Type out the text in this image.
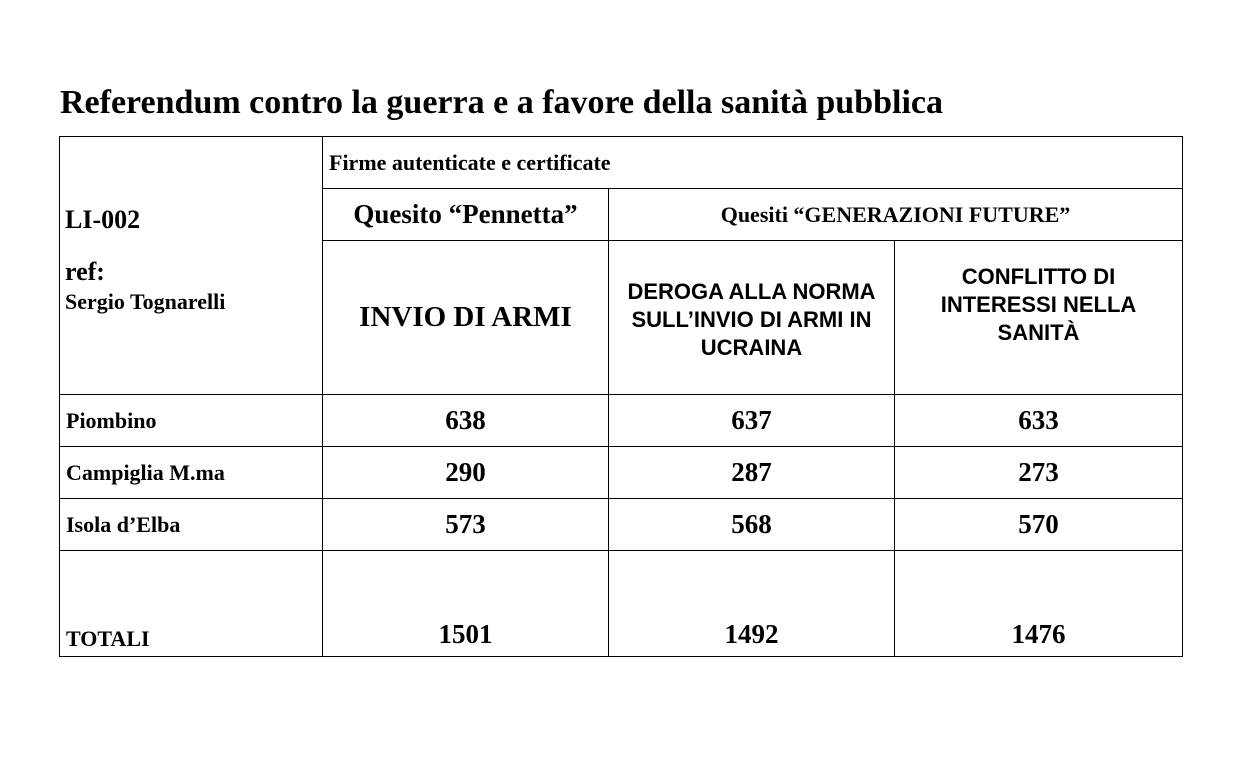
Referendum contro la guerra e a favore della sanità pubblica
LI-002
ref:
Sergio Tognarelli	Firme autenticate e certificate		
	Quesito “Pennetta”	Quesiti “GENERAZIONI FUTURE”	
	INVIO DI ARMI	DEROGA ALLA NORMA SULL’INVIO DI ARMI IN UCRAINA	CONFLITTO DI INTERESSI NELLA SANITÀ
Piombino	638	637	633
Campiglia M.ma	290	287	273
Isola d’Elba	573	568	570
TOTALI	1501	1492	1476
